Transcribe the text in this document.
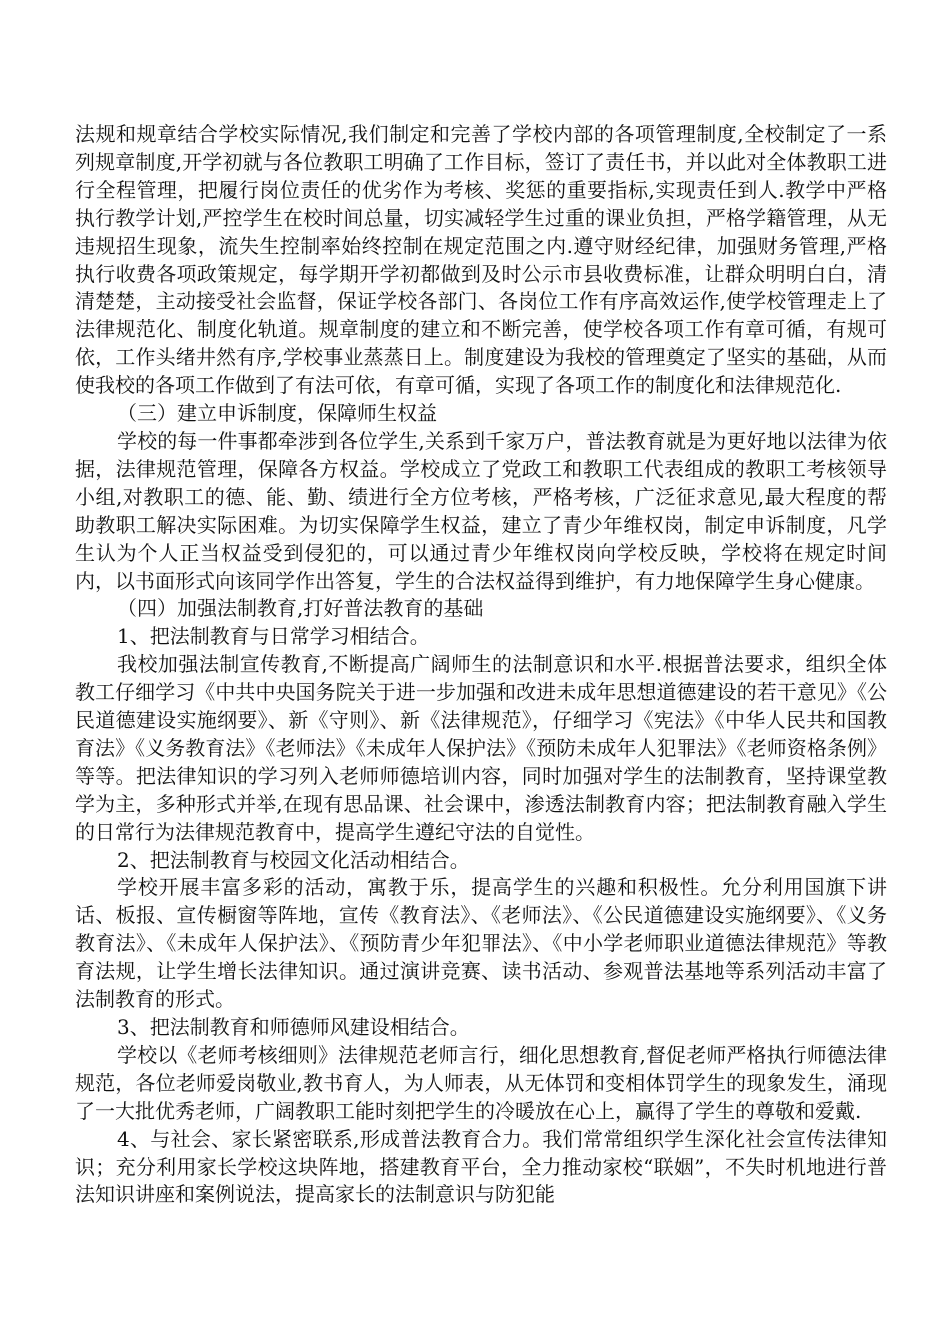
法规和规章结合学校实际情况,我们制定和完善了学校内部的各项管理制度,全校制定了一系列规章制度,开学初就与各位教职工明确了工作目标，签订了责任书，并以此对全体教职工进行全程管理，把履行岗位责任的优劣作为考核、奖惩的重要指标,实现责任到人.教学中严格执行教学计划,严控学生在校时间总量，切实减轻学生过重的课业负担，严格学籍管理，从无违规招生现象，流失生控制率始终控制在规定范围之内.遵守财经纪律，加强财务管理,严格执行收费各项政策规定，每学期开学初都做到及时公示市县收费标准，让群众明明白白，清清楚楚，主动接受社会监督，保证学校各部门、各岗位工作有序高效运作,使学校管理走上了法律规范化、制度化轨道。规章制度的建立和不断完善，使学校各项工作有章可循，有规可依，工作头绪井然有序,学校事业蒸蒸日上。制度建设为我校的管理奠定了坚实的基础，从而使我校的各项工作做到了有法可依，有章可循，实现了各项工作的制度化和法律规范化.

（三）建立申诉制度，保障师生权益

学校的每一件事都牵涉到各位学生,关系到千家万户，普法教育就是为更好地以法律为依据，法律规范管理，保障各方权益。学校成立了党政工和教职工代表组成的教职工考核领导小组,对教职工的德、能、勤、绩进行全方位考核，严格考核，广泛征求意见,最大程度的帮助教职工解决实际困难。为切实保障学生权益，建立了青少年维权岗，制定申诉制度，凡学生认为个人正当权益受到侵犯的，可以通过青少年维权岗向学校反映，学校将在规定时间内，以书面形式向该同学作出答复，学生的合法权益得到维护，有力地保障学生身心健康。

（四）加强法制教育,打好普法教育的基础

1、把法制教育与日常学习相结合。

我校加强法制宣传教育,不断提高广阔师生的法制意识和水平.根据普法要求，组织全体教工仔细学习《中共中央国务院关于进一步加强和改进未成年思想道德建设的若干意见》《公民道德建设实施纲要》、新《守则》、新《法律规范》，仔细学习《宪法》《中华人民共和国教育法》《义务教育法》《老师法》《未成年人保护法》《预防未成年人犯罪法》《老师资格条例》等等。把法律知识的学习列入老师师德培训内容，同时加强对学生的法制教育，坚持课堂教学为主，多种形式并举,在现有思品课、社会课中，渗透法制教育内容；把法制教育融入学生的日常行为法律规范教育中，提高学生遵纪守法的自觉性。

2、把法制教育与校园文化活动相结合。

学校开展丰富多彩的活动，寓教于乐，提高学生的兴趣和积极性。允分利用国旗下讲话、板报、宣传橱窗等阵地，宣传《教育法》、《老师法》、《公民道德建设实施纲要》、《义务教育法》、《未成年人保护法》、《预防青少年犯罪法》、《中小学老师职业道德法律规范》等教育法规，让学生增长法律知识。通过演讲竞赛、读书活动、参观普法基地等系列活动丰富了法制教育的形式。

3、把法制教育和师德师风建设相结合。

学校以《老师考核细则》法律规范老师言行，细化思想教育,督促老师严格执行师德法律规范，各位老师爱岗敬业,教书育人，为人师表，从无体罚和变相体罚学生的现象发生，涌现了一大批优秀老师，广阔教职工能时刻把学生的冷暖放在心上，赢得了学生的尊敬和爱戴.

4、与社会、家长紧密联系,形成普法教育合力。我们常常组织学生深化社会宣传法律知识；充分利用家长学校这块阵地，搭建教育平台，全力推动家校“联姻”，不失时机地进行普法知识讲座和案例说法，提高家长的法制意识与防犯能
